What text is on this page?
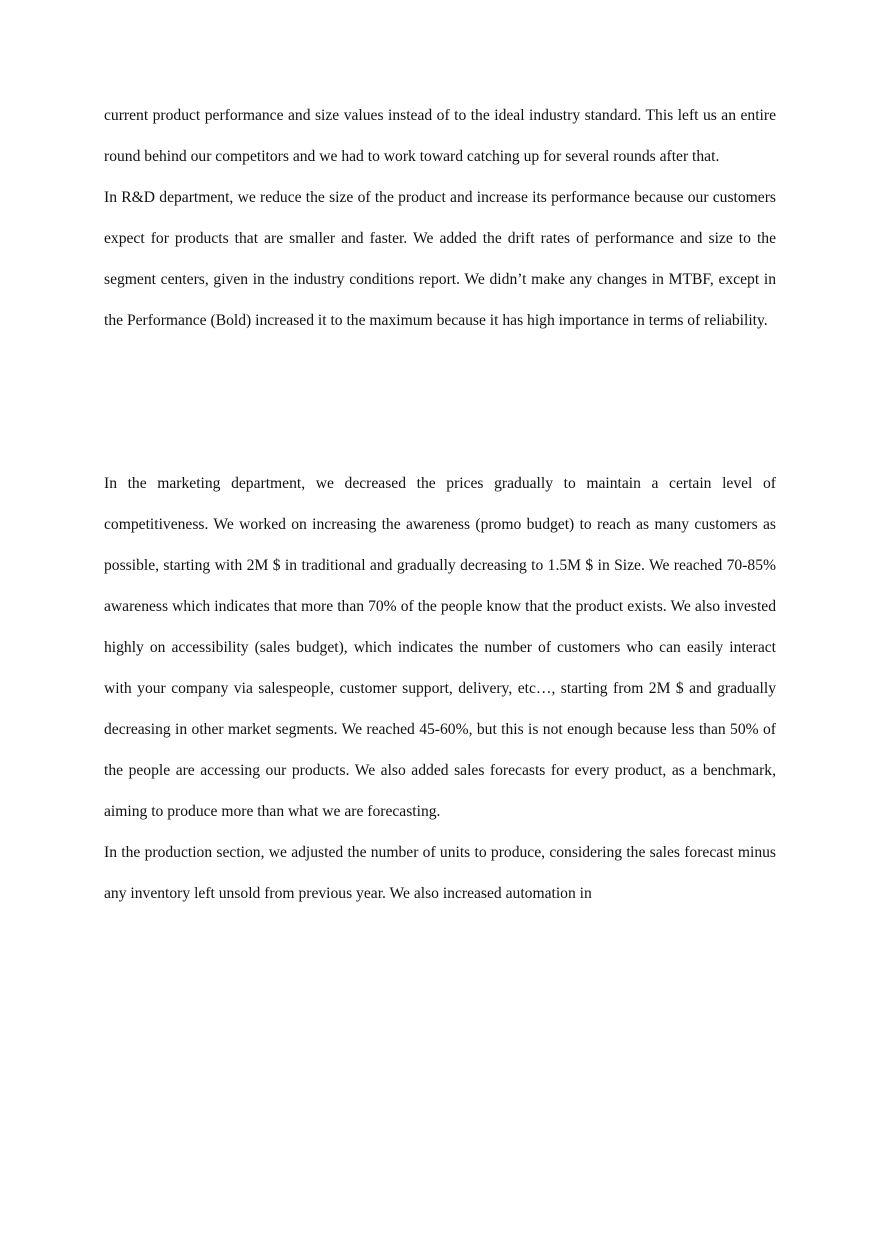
current product performance and size values instead of to the ideal industry standard. This left us an entire round behind our competitors and we had to work toward catching up for several rounds after that.

In R&D department, we reduce the size of the product and increase its performance because our customers expect for products that are smaller and faster. We added the drift rates of performance and size to the segment centers, given in the industry conditions report. We didn’t make any changes in MTBF, except in the Performance (Bold) increased it to the maximum because it has high importance in terms of reliability.

In the marketing department, we decreased the prices gradually to maintain a certain level of competitiveness. We worked on increasing the awareness (promo budget) to reach as many customers as possible, starting with 2M $ in traditional and gradually decreasing to 1.5M $ in Size. We reached 70-85% awareness which indicates that more than 70% of the people know that the product exists. We also invested highly on accessibility (sales budget), which indicates the number of customers who can easily interact with your company via salespeople, customer support, delivery, etc…, starting from 2M $ and gradually decreasing in other market segments. We reached 45-60%, but this is not enough because less than 50% of the people are accessing our products. We also added sales forecasts for every product, as a benchmark, aiming to produce more than what we are forecasting.

In the production section, we adjusted the number of units to produce, considering the sales forecast minus any inventory left unsold from previous year. We also increased automation in
